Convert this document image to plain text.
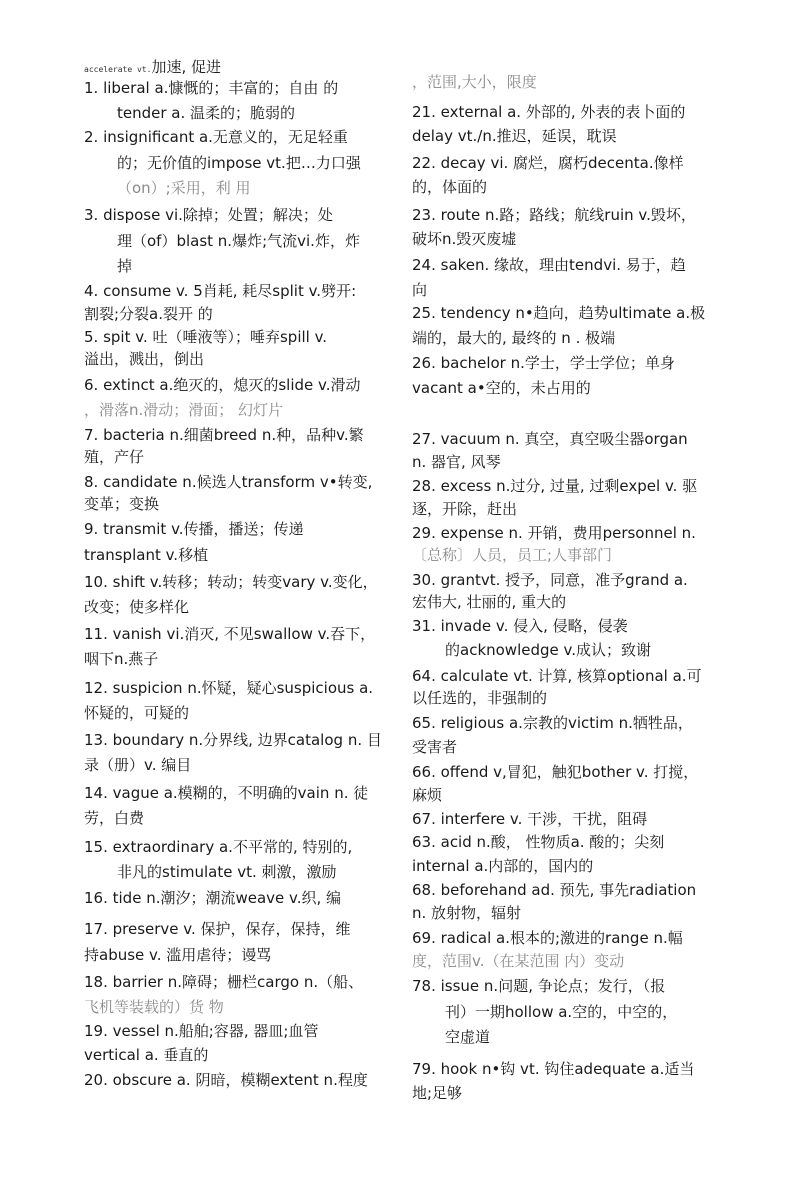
accelerate vt.加速, 促进
1. liberal a.慷慨的；丰富的；自由 的
tender a. 温柔的；脆弱的
2. insignificant a.无意义的，无足轻重
的；无价值的impose vt.把…力口强
（on）;采用，利 用
3. dispose vi.除掉；处置；解决；处
理（of）blast n.爆炸;气流vi.炸，炸
掉
4. consume v. 5肖耗, 耗尽split v.劈开:
割裂;分裂a.裂开 的
5. spit v. 吐（唾液等）；唾弃spill v.
溢出，溅出，倒出
6. extinct a.绝灭的，熄灭的slide v.滑动
，滑落n.滑动；滑面； 幻灯片
7. bacteria n.细菌breed n.种，品种v.繁
殖，产仔
8. candidate n.候选人transform v•转变,
变革；变换
9. transmit v.传播，播送；传递
transplant v.移植
10. shift v.转移；转动；转变vary v.变化，
改变；使多样化
11. vanish vi.消灭, 不见swallow v.吞下，
咽下n.燕子
12. suspicion n.怀疑，疑心suspicious a.
怀疑的，可疑的
13. boundary n.分界线, 边界catalog n. 目
录（册）v. 编目
14. vague a.模糊的，不明确的vain n. 徒
劳，白费
15. extraordinary a.不平常的, 特别的,
非凡的stimulate vt. 刺激，激励
16. tide n.潮汐；潮流weave v.织, 编
17. preserve v. 保护，保存，保持，维
持abuse v. 滥用虐待；谩骂
18. barrier n.障碍；栅栏cargo n.（船、
飞机等装载的）货 物
19. vessel n.船舶;容器, 器皿;血管
vertical a. 垂直的
20. obscure a. 阴暗，模糊extent n.程度
，范围,大小，限度
21. external a. 外部的, 外表的表卜面的
delay vt./n.推迟，延误，耽误
22. decay vi. 腐烂，腐朽decenta.像样
的，体面的
23. route n.路；路线；航线ruin v.毁坏，
破坏n.毁灭废墟
24. saken. 缘故，理由tendvi. 易于，趋
向
25. tendency n•趋向，趋势ultimate a.极
端的，最大的, 最终的 n . 极端
26. bachelor n.学士，学士学位；单身
vacant a•空的，未占用的
27. vacuum n. 真空，真空吸尘器organ
n. 器官, 风琴
28. excess n.过分, 过量, 过剩expel v. 驱
逐，开除，赶出
29. expense n. 开销，费用personnel n.
〔总称〕人员，员工;人事部门
30. grantvt. 授予，同意，准予grand a.
宏伟大, 壮丽的, 重大的
31. invade v. 侵入, 侵略，侵袭
的acknowledge v.成认；致谢
64. calculate vt. 计算, 核算optional a.可
以任选的，非强制的
65. religious a.宗教的victim n.牺牲品，
受害者
66. offend v,冒犯，触犯bother v. 打搅，
麻烦
67. interfere v. 干涉，干扰，阻碍
63. acid n.酸， 性物质a. 酸的；尖刻
internal a.内部的，国内的
68. beforehand ad. 预先, 事先radiation
n. 放射物，辐射
69. radical a.根本的;激进的range n.幅
度，范围v.（在某范围 内）变动
78. issue n.问题, 争论点；发行，（报
刊）一期hollow a.空的，中空的，
空虚道
79. hook n•钩 vt. 钩住adequate a.适当
地;足够
